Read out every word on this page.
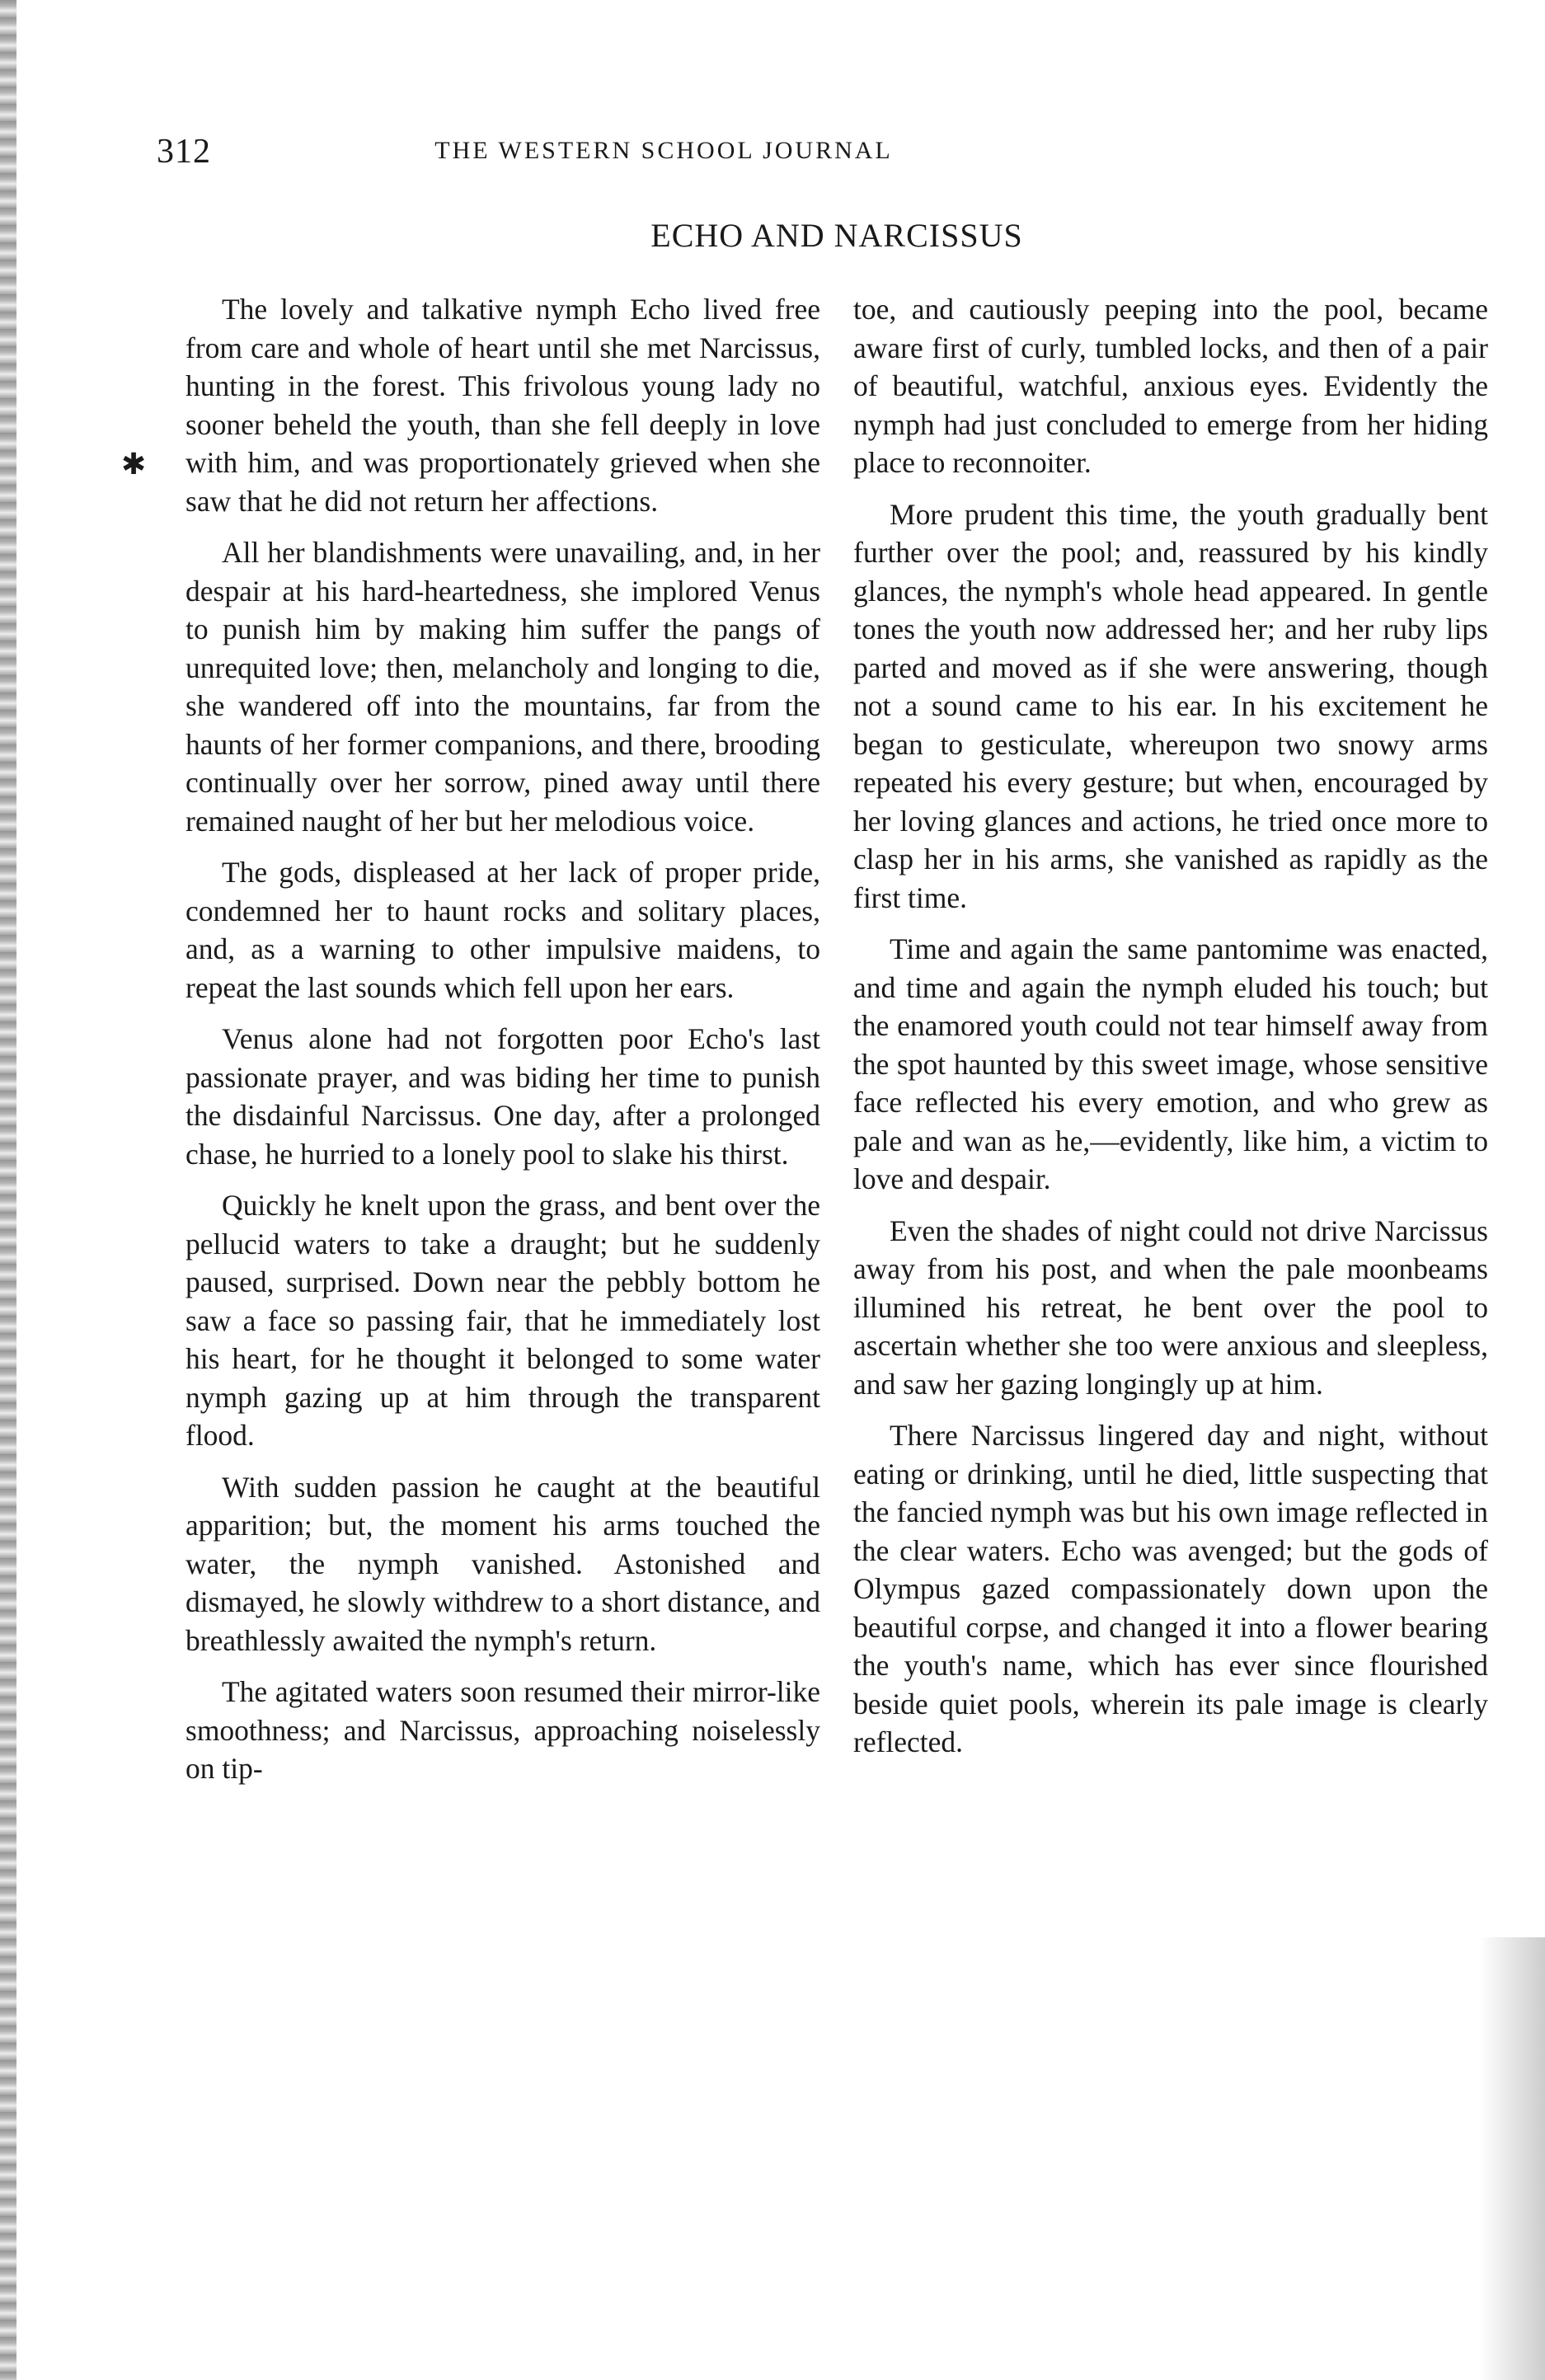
312	THE WESTERN SCHOOL JOURNAL
ECHO AND NARCISSUS
✱

The lovely and talkative nymph Echo lived free from care and whole of heart until she met Narcissus, hunting in the forest. This frivolous young lady no sooner beheld the youth, than she fell deeply in love with him, and was proportionately grieved when she saw that he did not return her affections.

All her blandishments were unavailing, and, in her despair at his hard-heartedness, she implored Venus to punish him by making him suffer the pangs of unrequited love; then, melancholy and longing to die, she wandered off into the mountains, far from the haunts of her former companions, and there, brooding continually over her sorrow, pined away until there remained naught of her but her melodious voice.

The gods, displeased at her lack of proper pride, condemned her to haunt rocks and solitary places, and, as a warning to other impulsive maidens, to repeat the last sounds which fell upon her ears.

Venus alone had not forgotten poor Echo's last passionate prayer, and was biding her time to punish the disdainful Narcissus. One day, after a prolonged chase, he hurried to a lonely pool to slake his thirst.

Quickly he knelt upon the grass, and bent over the pellucid waters to take a draught; but he suddenly paused, surprised. Down near the pebbly bottom he saw a face so passing fair, that he immediately lost his heart, for he thought it belonged to some water nymph gazing up at him through the transparent flood.

With sudden passion he caught at the beautiful apparition; but, the moment his arms touched the water, the nymph vanished. Astonished and dismayed, he slowly withdrew to a short distance, and breathlessly awaited the nymph's return.

The agitated waters soon resumed their mirror-like smoothness; and Narcissus, approaching noiselessly on tip-

toe, and cautiously peeping into the pool, became aware first of curly, tumbled locks, and then of a pair of beautiful, watchful, anxious eyes. Evidently the nymph had just concluded to emerge from her hiding place to reconnoiter.

More prudent this time, the youth gradually bent further over the pool; and, reassured by his kindly glances, the nymph's whole head appeared. In gentle tones the youth now addressed her; and her ruby lips parted and moved as if she were answering, though not a sound came to his ear. In his excitement he began to gesticulate, whereupon two snowy arms repeated his every gesture; but when, encouraged by her loving glances and actions, he tried once more to clasp her in his arms, she vanished as rapidly as the first time.

Time and again the same pantomime was enacted, and time and again the nymph eluded his touch; but the enamored youth could not tear himself away from the spot haunted by this sweet image, whose sensitive face reflected his every emotion, and who grew as pale and wan as he,—evidently, like him, a victim to love and despair.

Even the shades of night could not drive Narcissus away from his post, and when the pale moonbeams illumined his retreat, he bent over the pool to ascertain whether she too were anxious and sleepless, and saw her gazing longingly up at him.

There Narcissus lingered day and night, without eating or drinking, until he died, little suspecting that the fancied nymph was but his own image reflected in the clear waters. Echo was avenged; but the gods of Olympus gazed compassionately down upon the beautiful corpse, and changed it into a flower bearing the youth's name, which has ever since flourished beside quiet pools, wherein its pale image is clearly reflected.
